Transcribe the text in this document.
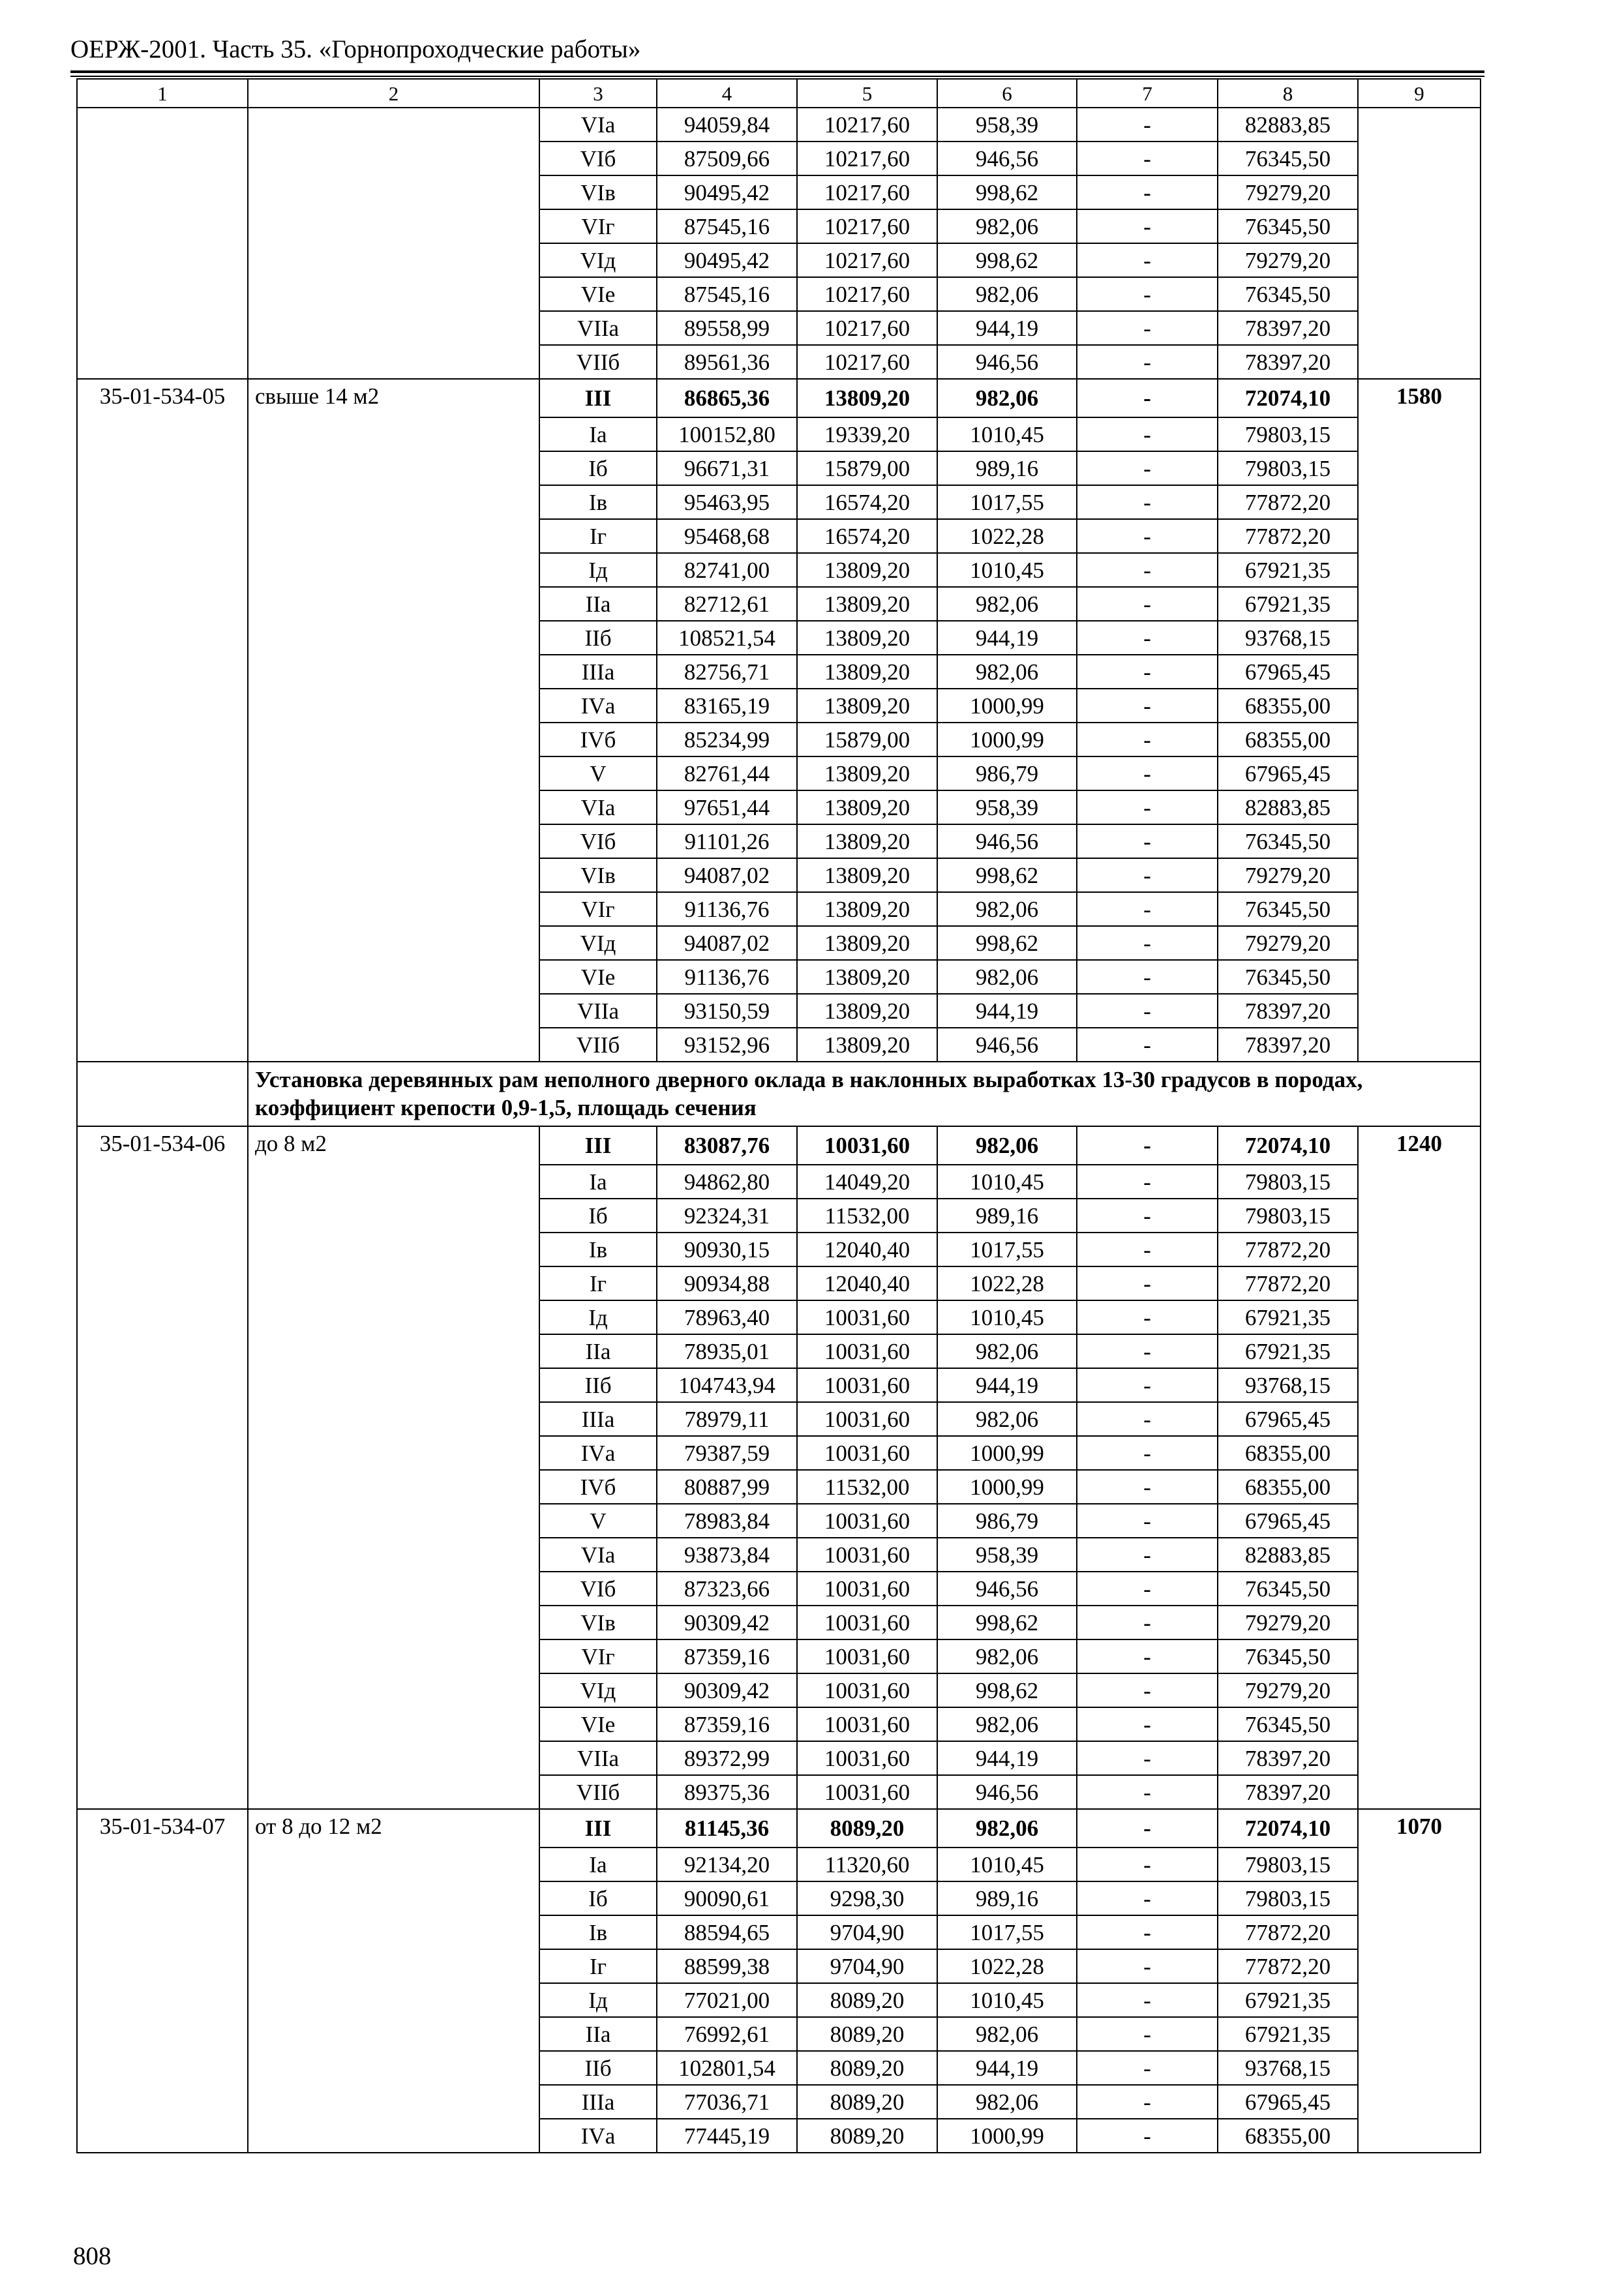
ОЕРЖ-2001. Часть 35. «Горнопроходческие работы»
1	2	3	4	5	6	7	8	9
		VIа	94059,84	10217,60	958,39	-	82883,85	
		VIб	87509,66	10217,60	946,56	-	76345,50	
		VIв	90495,42	10217,60	998,62	-	79279,20	
		VIг	87545,16	10217,60	982,06	-	76345,50	
		VIд	90495,42	10217,60	998,62	-	79279,20	
		VIе	87545,16	10217,60	982,06	-	76345,50	
		VIIа	89558,99	10217,60	944,19	-	78397,20	
		VIIб	89561,36	10217,60	946,56	-	78397,20	
35-01-534-05	свыше 14 м2	III	86865,36	13809,20	982,06	-	72074,10	1580
		Iа	100152,80	19339,20	1010,45	-	79803,15	
		Iб	96671,31	15879,00	989,16	-	79803,15	
		Iв	95463,95	16574,20	1017,55	-	77872,20	
		Iг	95468,68	16574,20	1022,28	-	77872,20	
		Iд	82741,00	13809,20	1010,45	-	67921,35	
		IIа	82712,61	13809,20	982,06	-	67921,35	
		IIб	108521,54	13809,20	944,19	-	93768,15	
		IIIа	82756,71	13809,20	982,06	-	67965,45	
		IVа	83165,19	13809,20	1000,99	-	68355,00	
		IVб	85234,99	15879,00	1000,99	-	68355,00	
		V	82761,44	13809,20	986,79	-	67965,45	
		VIа	97651,44	13809,20	958,39	-	82883,85	
		VIб	91101,26	13809,20	946,56	-	76345,50	
		VIв	94087,02	13809,20	998,62	-	79279,20	
		VIг	91136,76	13809,20	982,06	-	76345,50	
		VIд	94087,02	13809,20	998,62	-	79279,20	
		VIе	91136,76	13809,20	982,06	-	76345,50	
		VIIа	93150,59	13809,20	944,19	-	78397,20	
		VIIб	93152,96	13809,20	946,56	-	78397,20	
	Установка деревянных рам неполного дверного оклада в наклонных выработках 13-30 градусов в породах, коэффициент крепости 0,9-1,5, площадь сечения							
35-01-534-06	до 8 м2	III	83087,76	10031,60	982,06	-	72074,10	1240
		Iа	94862,80	14049,20	1010,45	-	79803,15	
		Iб	92324,31	11532,00	989,16	-	79803,15	
		Iв	90930,15	12040,40	1017,55	-	77872,20	
		Iг	90934,88	12040,40	1022,28	-	77872,20	
		Iд	78963,40	10031,60	1010,45	-	67921,35	
		IIа	78935,01	10031,60	982,06	-	67921,35	
		IIб	104743,94	10031,60	944,19	-	93768,15	
		IIIа	78979,11	10031,60	982,06	-	67965,45	
		IVа	79387,59	10031,60	1000,99	-	68355,00	
		IVб	80887,99	11532,00	1000,99	-	68355,00	
		V	78983,84	10031,60	986,79	-	67965,45	
		VIа	93873,84	10031,60	958,39	-	82883,85	
		VIб	87323,66	10031,60	946,56	-	76345,50	
		VIв	90309,42	10031,60	998,62	-	79279,20	
		VIг	87359,16	10031,60	982,06	-	76345,50	
		VIд	90309,42	10031,60	998,62	-	79279,20	
		VIе	87359,16	10031,60	982,06	-	76345,50	
		VIIа	89372,99	10031,60	944,19	-	78397,20	
		VIIб	89375,36	10031,60	946,56	-	78397,20	
35-01-534-07	от 8 до 12 м2	III	81145,36	8089,20	982,06	-	72074,10	1070
		Iа	92134,20	11320,60	1010,45	-	79803,15	
		Iб	90090,61	9298,30	989,16	-	79803,15	
		Iв	88594,65	9704,90	1017,55	-	77872,20	
		Iг	88599,38	9704,90	1022,28	-	77872,20	
		Iд	77021,00	8089,20	1010,45	-	67921,35	
		IIа	76992,61	8089,20	982,06	-	67921,35	
		IIб	102801,54	8089,20	944,19	-	93768,15	
		IIIа	77036,71	8089,20	982,06	-	67965,45	
		IVа	77445,19	8089,20	1000,99	-	68355,00	
808
